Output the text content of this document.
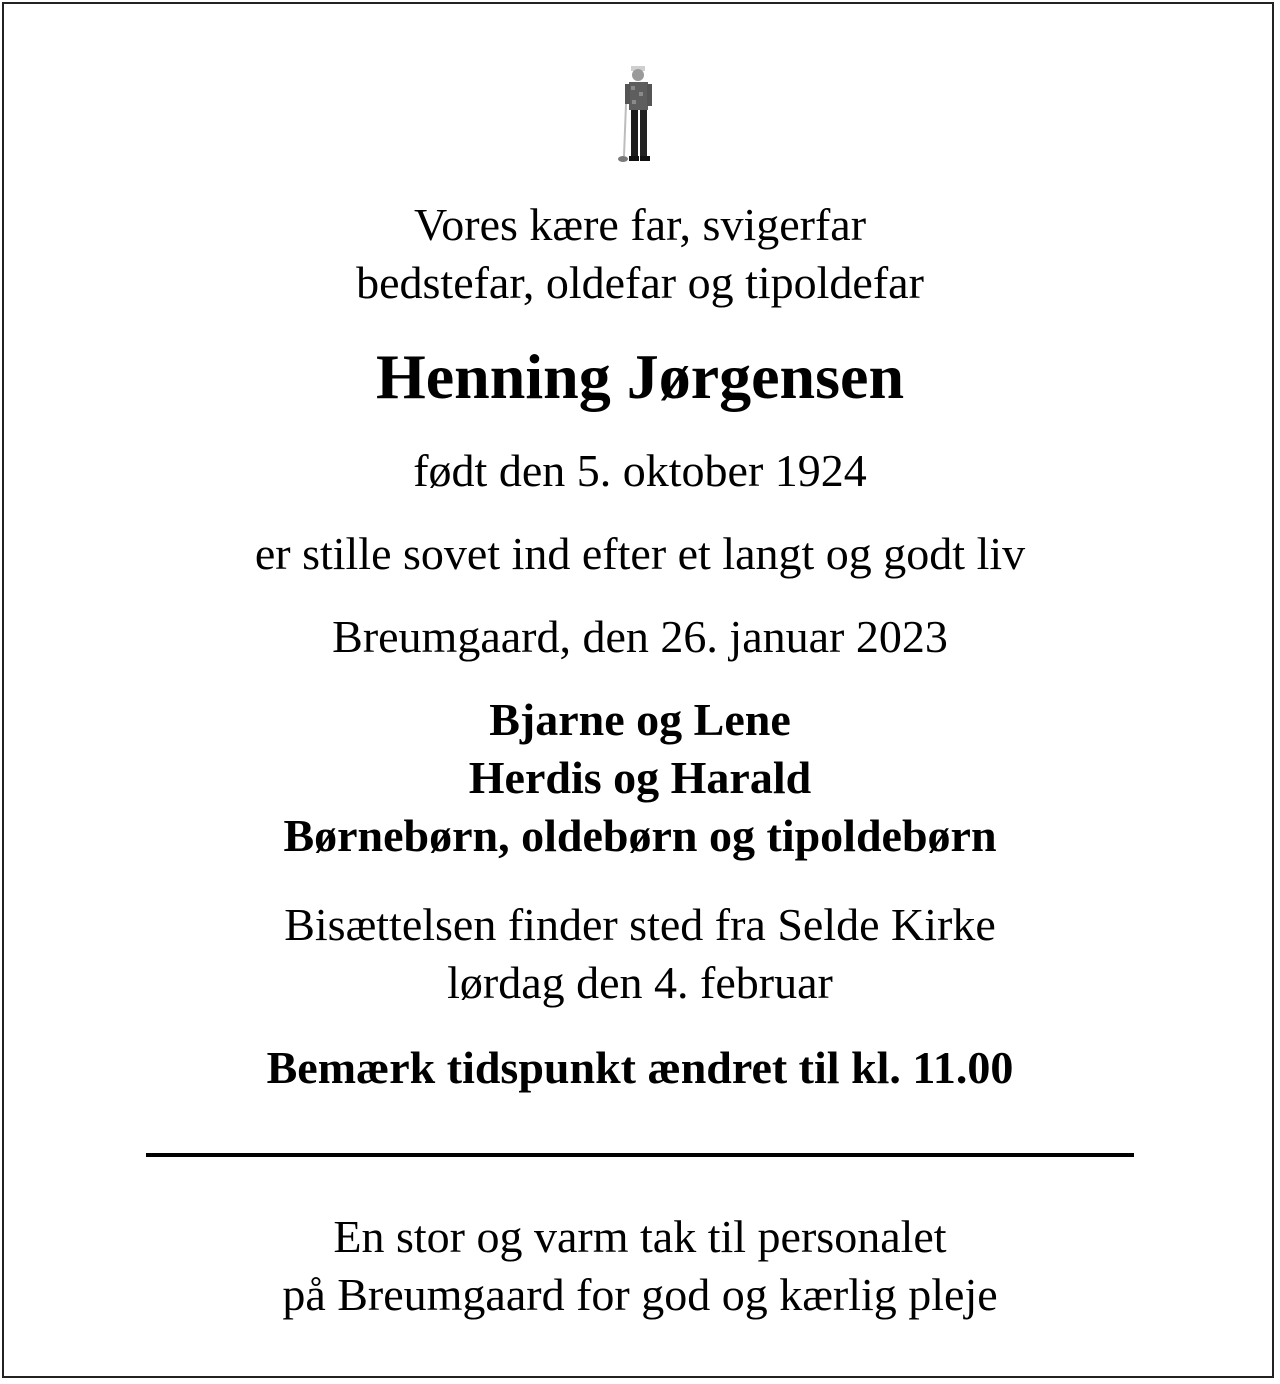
Vores kære far, svigerfar
bedstefar, oldefar og tipoldefar
Henning Jørgensen
født den 5. oktober 1924
er stille sovet ind efter et langt og godt liv
Breumgaard, den 26. januar 2023
Bjarne og Lene
Herdis og Harald
Børnebørn, oldebørn og tipoldebørn
Bisættelsen finder sted fra Selde Kirke
lørdag den 4. februar
Bemærk tidspunkt ændret til kl. 11.00
En stor og varm tak til personalet
på Breumgaard for god og kærlig pleje
